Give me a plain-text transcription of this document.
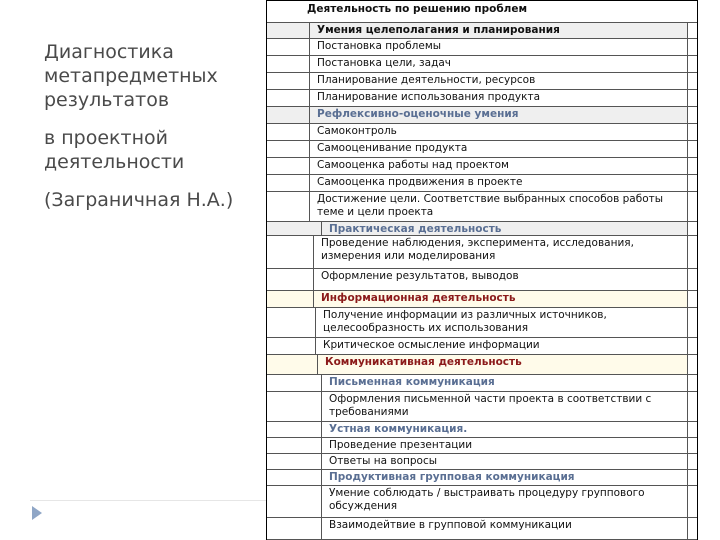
Диагностика
метапредметных
результатов
в проектной
деятельности
(Заграничная Н.А.)
Деятельность по решению проблем
Умения целеполагания и планирования
Постановка проблемы
Постановка цели, задач
Планирование деятельности, ресурсов
Планирование использования продукта
Рефлексивно-оценочные умения
Самоконтроль
Самооценивание продукта
Самооценка работы над проектом
Самооценка продвижения в проекте
Достижение цели. Соответствие выбранных способов работы теме и цели проекта
Практическая деятельность
Проведение наблюдения, эксперимента, исследования, измерения или моделирования
Оформление результатов, выводов
Информационная деятельность
Получение информации из различных источников, целесообразность их использования
Критическое осмысление информации
Коммуникативная деятельность
Письменная коммуникация
Оформления письменной части проекта в соответствии с требованиями
Устная коммуникация.
Проведение презентации
Ответы на вопросы
Продуктивная групповая коммуникация
Умение соблюдать / выстраивать процедуру группового обсуждения
Взаимодейтвие в групповой коммуникации
